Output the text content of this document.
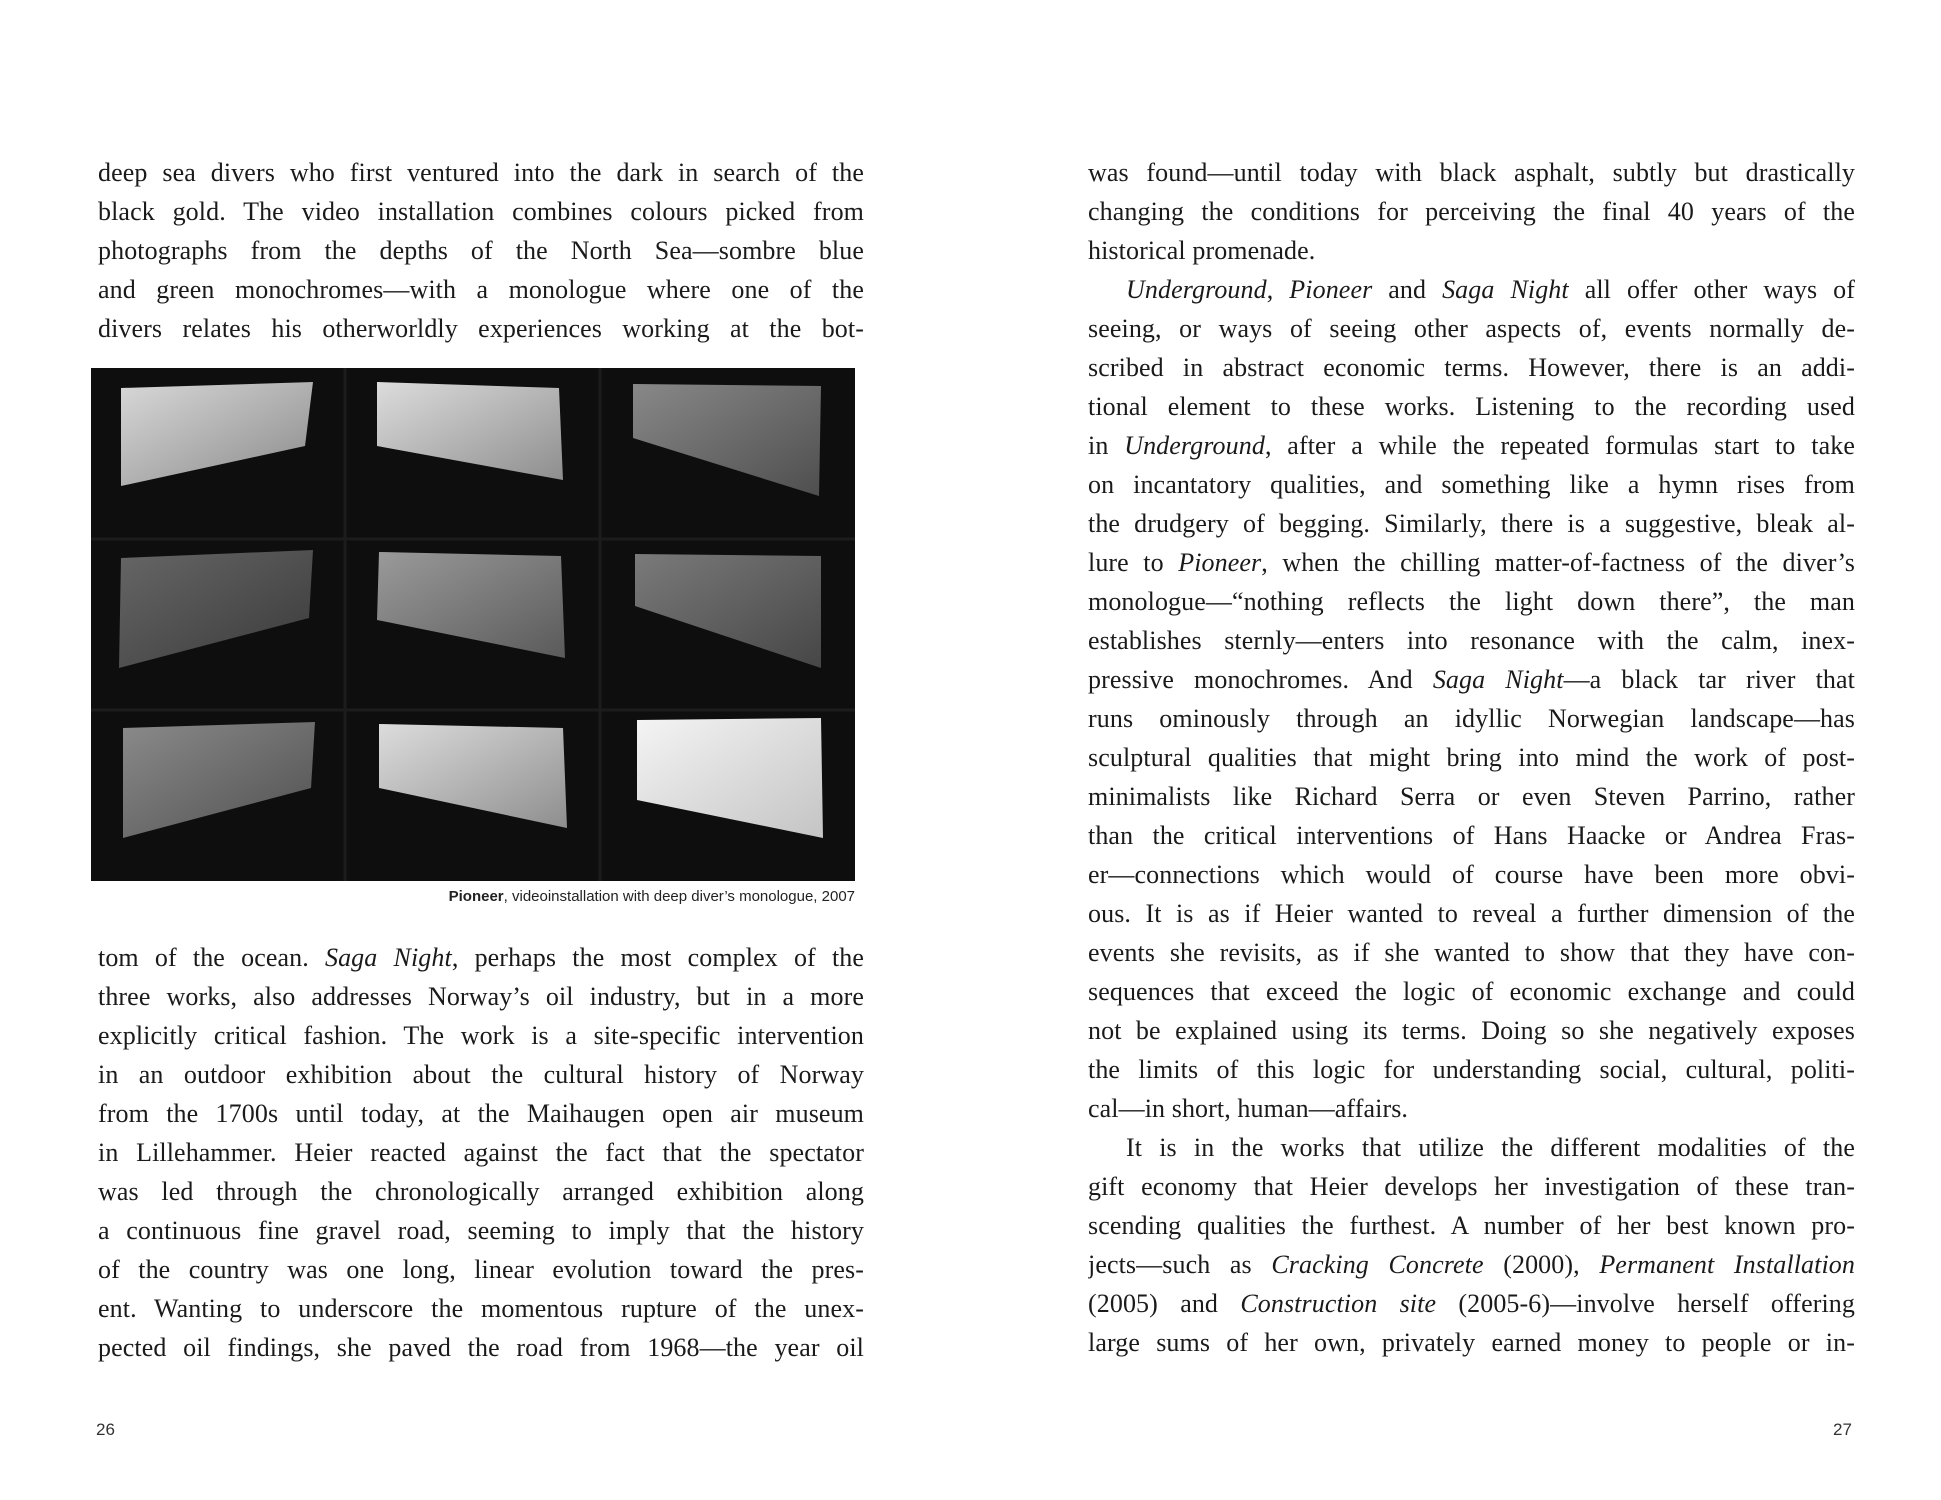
deep sea divers who first ventured into the dark in search of the
black gold. The video installation combines colours picked from
photographs from the depths of the North Sea—sombre blue
and green monochromes—with a monologue where one of the
divers relates his otherworldly experiences working at the bot-
Pioneer, videoinstallation with deep diver’s monologue, 2007
tom of the ocean. Saga Night, perhaps the most complex of the
three works, also addresses Norway’s oil industry, but in a more
explicitly critical fashion. The work is a site-specific intervention
in an outdoor exhibition about the cultural history of Norway
from the 1700s until today, at the Maihaugen open air museum
in Lillehammer. Heier reacted against the fact that the spectator
was led through the chronologically arranged exhibition along
a continuous fine gravel road, seeming to imply that the history
of the country was one long, linear evolution toward the pres-
ent. Wanting to underscore the momentous rupture of the unex-
pected oil findings, she paved the road from 1968—the year oil
26
was found—until today with black asphalt, subtly but drastically
changing the conditions for perceiving the final 40 years of the
historical promenade.
Underground, Pioneer and Saga Night all offer other ways of
seeing, or ways of seeing other aspects of, events normally de-
scribed in abstract economic terms. However, there is an addi-
tional element to these works. Listening to the recording used
in Underground, after a while the repeated formulas start to take
on incantatory qualities, and something like a hymn rises from
the drudgery of begging. Similarly, there is a suggestive, bleak al-
lure to Pioneer, when the chilling matter-of-factness of the diver’s
monologue—“nothing reflects the light down there”, the man
establishes sternly—enters into resonance with the calm, inex-
pressive monochromes. And Saga Night—a black tar river that
runs ominously through an idyllic Norwegian landscape—has
sculptural qualities that might bring into mind the work of post-
minimalists like Richard Serra or even Steven Parrino, rather
than the critical interventions of Hans Haacke or Andrea Fras-
er—connections which would of course have been more obvi-
ous. It is as if Heier wanted to reveal a further dimension of the
events she revisits, as if she wanted to show that they have con-
sequences that exceed the logic of economic exchange and could
not be explained using its terms. Doing so she negatively exposes
the limits of this logic for understanding social, cultural, politi-
cal—in short, human—affairs.
It is in the works that utilize the different modalities of the
gift economy that Heier develops her investigation of these tran-
scending qualities the furthest. A number of her best known pro-
jects—such as Cracking Concrete (2000), Permanent Installation
(2005) and Construction site (2005-6)—involve herself offering
large sums of her own, privately earned money to people or in-
27
